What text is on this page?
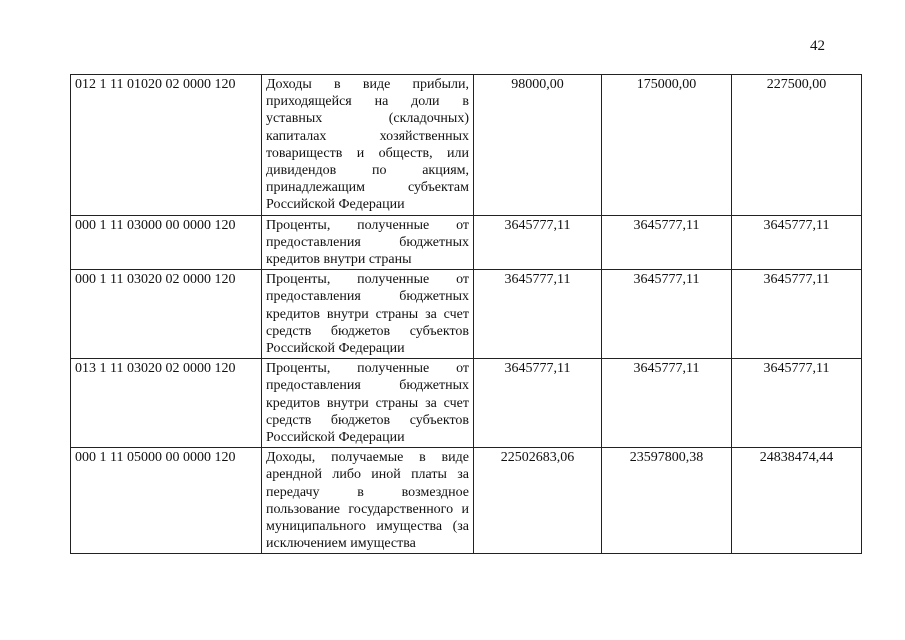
42
012 1 11 01020 02 0000 120	Доходы в виде прибыли, приходящейся на доли в уставных (складочных) капиталах хозяйственных товариществ и обществ, или дивидендов по акциям, принадлежащим субъектам Российской Федерации	98000,00	175000,00	227500,00
000 1 11 03000 00 0000 120	Проценты, полученные от предоставления бюджетных кредитов внутри страны	3645777,11	3645777,11	3645777,11
000 1 11 03020 02 0000 120	Проценты, полученные от предоставления бюджетных кредитов внутри страны за счет средств бюджетов субъектов Российской Федерации	3645777,11	3645777,11	3645777,11
013 1 11 03020 02 0000 120	Проценты, полученные от предоставления бюджетных кредитов внутри страны за счет средств бюджетов субъектов Российской Федерации	3645777,11	3645777,11	3645777,11
000 1 11 05000 00 0000 120	Доходы, получаемые в виде арендной либо иной платы за передачу в возмездное пользование государственного и муниципального имущества (за исключением имущества	22502683,06	23597800,38	24838474,44
